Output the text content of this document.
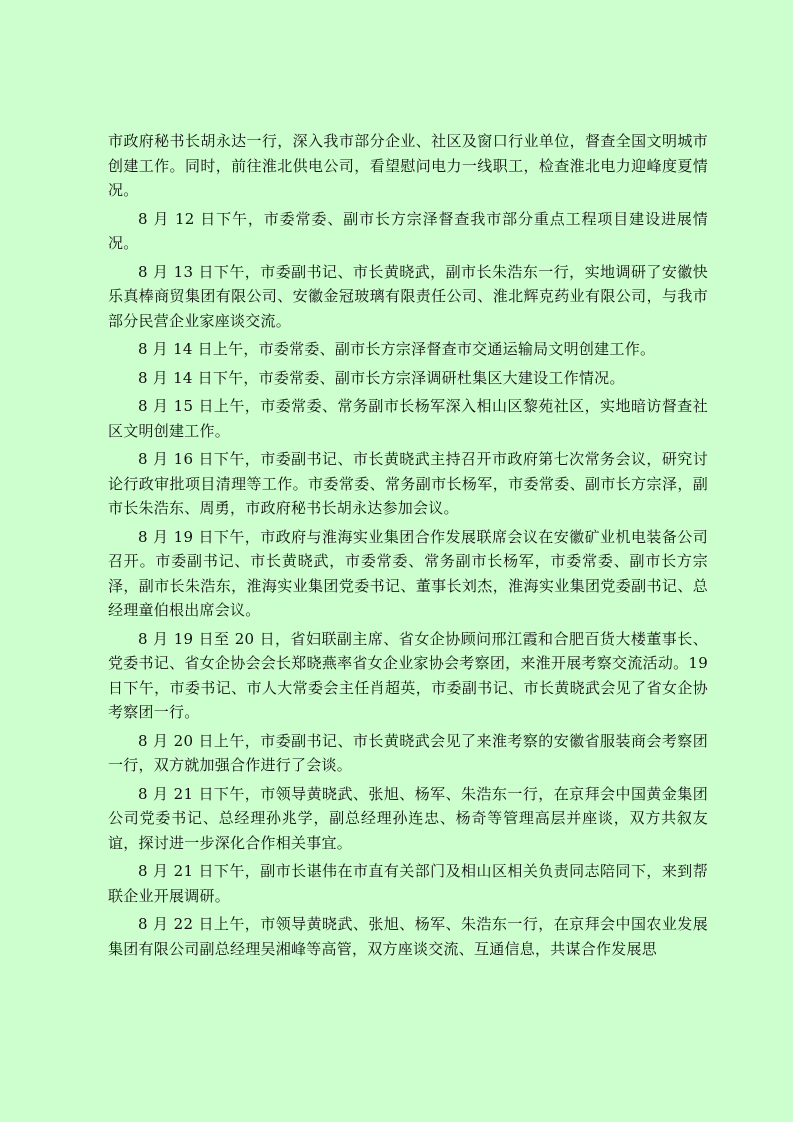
市政府秘书长胡永达一行，深入我市部分企业、社区及窗口行业单位，督查全国文明城市创建工作。同时，前往淮北供电公司，看望慰问电力一线职工，检查淮北电力迎峰度夏情况。

8 月 12 日下午，市委常委、副市长方宗泽督查我市部分重点工程项目建设进展情况。

8 月 13 日下午，市委副书记、市长黄晓武，副市长朱浩东一行，实地调研了安徽快乐真棒商贸集团有限公司、安徽金冠玻璃有限责任公司、淮北辉克药业有限公司，与我市部分民营企业家座谈交流。

8 月 14 日上午，市委常委、副市长方宗泽督查市交通运输局文明创建工作。

8 月 14 日下午，市委常委、副市长方宗泽调研杜集区大建设工作情况。

8 月 15 日上午，市委常委、常务副市长杨军深入相山区黎苑社区，实地暗访督查社区文明创建工作。

8 月 16 日下午，市委副书记、市长黄晓武主持召开市政府第七次常务会议，研究讨论行政审批项目清理等工作。市委常委、常务副市长杨军，市委常委、副市长方宗泽，副市长朱浩东、周勇，市政府秘书长胡永达参加会议。

8 月 19 日下午，市政府与淮海实业集团合作发展联席会议在安徽矿业机电装备公司召开。市委副书记、市长黄晓武，市委常委、常务副市长杨军，市委常委、副市长方宗泽，副市长朱浩东，淮海实业集团党委书记、董事长刘杰，淮海实业集团党委副书记、总经理童伯根出席会议。

8 月 19 日至 20 日，省妇联副主席、省女企协顾问邢江霞和合肥百货大楼董事长、党委书记、省女企协会会长郑晓燕率省女企业家协会考察团，来淮开展考察交流活动。19 日下午，市委书记、市人大常委会主任肖超英，市委副书记、市长黄晓武会见了省女企协考察团一行。

8 月 20 日上午，市委副书记、市长黄晓武会见了来淮考察的安徽省服装商会考察团一行，双方就加强合作进行了会谈。

8 月 21 日下午，市领导黄晓武、张旭、杨军、朱浩东一行，在京拜会中国黄金集团公司党委书记、总经理孙兆学，副总经理孙连忠、杨奇等管理高层并座谈，双方共叙友谊，探讨进一步深化合作相关事宜。

8 月 21 日下午，副市长谌伟在市直有关部门及相山区相关负责同志陪同下，来到帮联企业开展调研。

8 月 22 日上午，市领导黄晓武、张旭、杨军、朱浩东一行，在京拜会中国农业发展集团有限公司副总经理吴湘峰等高管，双方座谈交流、互通信息，共谋合作发展思
